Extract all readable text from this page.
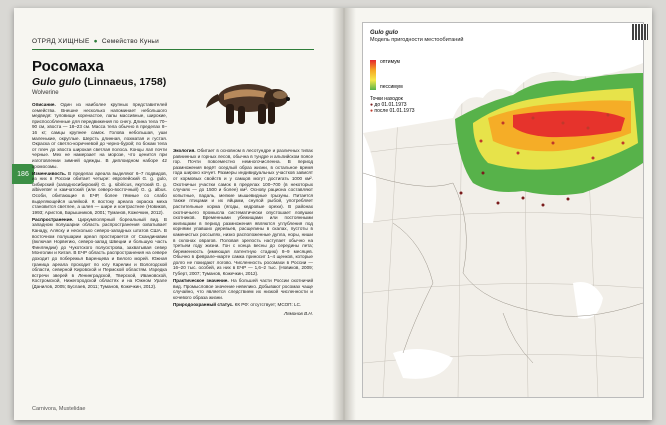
ОТРЯД ХИЩНЫЕ ● Семейство Куньи
Росомаха
Gulo gulo (Linnaeus, 1758)
Wolverine
186

Описание. Один из наиболее крупных представителей семейства. Внешне несколько напоминает небольшого медведя: туловище коренастое, лапы массивные, широкие, приспособленные для передвижения по снегу. Длина тела 70–90 см, хвоста — 18–23 см. Масса тела обычно в пределах 8–16 кг; самцы крупнее самок. Голова небольшая, уши маленькие, округлые. Шерсть длинная, лохматая и густая. Окраска от светло-коричневой до черно-бурой; по бокам тела от плеч до хвоста широкая светлая полоса. Концы лап почти черные. Мех не намерзает на морозе, что ценится при изготовлении зимней одежды. В диплоидном наборе 42 хромосомы.

Изменчивость. В пределах ареала выделяют 6–7 подвидов, из них в России обитает четыре: европейский G. g. gulo, сибирский (западносибирский) G. g. sibiricus, якутский G. g. albiventer и камчатский (или северо-восточный) G. g. albus. Особи, обитающие в ЕЧР, более тёмные со слабо выделяющейся шлейкой. К востоку ареала окраска меха становится светлее, а шлея — шире и контрастнее (Новиков, 1993; Аристов, Барышников, 2001; Туманов, Кожечкин, 2012).

Распространение. Циркумполярный бореальный вид. В западном полушарии область распространения охватывает Канаду, Аляску и несколько северо-западных штатов США. В восточном полушарии ареал простирается от Скандинавии (включая Норвегию, северо-запад Швеции и большую часть Финляндии) до Чукотского полуострова, захватывая север Монголии и Китая. В ЕЧР область распространения на севере доходит до побережья Баренцева и Белого морей. Южная граница ареала проходит по югу Карелии и Вологодской области, северной Кировской и Пермской областям. Изредка встречи зверей в Ленинградской, Тверской, Ивановской, Костромской, Нижегородской областях и на Южном Урале (Данилов, 2005; Буслаев, 2011; Туманов, Кожечкин, 2012).

Экология. Обитает в основном в лесотундре и различных типах равнинных и горных лесов, обычна в тундре и альпийском поясе гор. Почти повсеместно немногочисленна. В период размножения ведёт оседлый образ жизни, в остальное время года широко кочует. Размеры индивидуальных участков зависят от кормовых свойств и у самцов могут достигать 1000 км². Охотничьи участки самок в пределах 100–700 (в некоторых случаях — до 1500 и более) км². Основу рациона составляют копытные, падаль, мелкие мышевидные грызуны. Питается также птицами и их яйцами, снулой рыбой, употребляет растительные корма (ягоды, кедровые орехи). В районах охотничьего промысла систематически опустошает ловушки охотников. Временными убежищами или постоянными жилищами в период размножения являются углубления под корнями упавших деревьев, расщелины в скалах, пустоты в каменистых россыпях, низко расположенные дупла, норы, ниши в склонах оврагов. Половая зрелость наступает обычно на третьем году жизни. Гон с конца весны до середины лета; беременность (имеющая латентную стадию) 8–9 месяцев. Обычно в феврале–марте самка приносит 1–4 щенков, которые долго не покидают логово. Численность росомахи в России — 16–20 тыс. особей, из них в ЕЧР — 1,6–2 тыс. (Новиков, 2009; Губерт, 2007; Туманов, Кожечкин, 2012).

Практическое значение. На большей части России охотничий вид. Промысловое значение невелико. Добывают росомах чаще случайно, что является следствием их низкой численности и кочевого образа жизни.

Природоохранный статус. КК РФ: отсутствует; МСОП: LC.

Лямонов В.Н.
Carnivora, Mustelidae
Gulo gulo
Модель пригодности местообитаний
оптимум
пессимум
Точки находок
● до 01.01.1973
● после 01.01.1973
